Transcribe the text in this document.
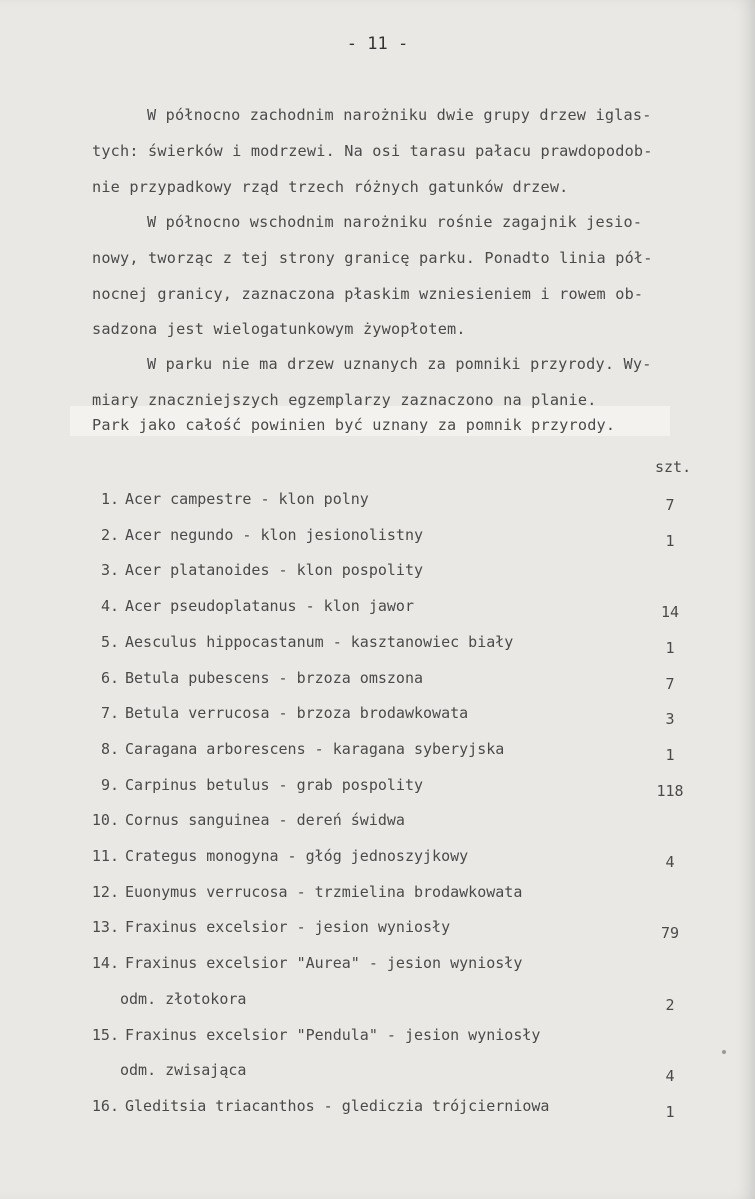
- 11 -
W północno zachodnim narożniku dwie grupy drzew iglas-
tych: świerków i modrzewi. Na osi tarasu pałacu prawdopodob-
nie przypadkowy rząd trzech różnych gatunków drzew.
W północno wschodnim narożniku rośnie zagajnik jesio-
nowy, tworząc z tej strony granicę parku. Ponadto linia pół-
nocnej granicy, zaznaczona płaskim wzniesieniem i rowem ob-
sadzona jest wielogatunkowym żywopłotem.
W parku nie ma drzew uznanych za pomniki przyrody. Wy-
miary znaczniejszych egzemplarzy zaznaczono na planie.
Park jako całość powinien być uznany za pomnik przyrody.
szt.
1. Acer campestre - klon polny	7
2. Acer negundo - klon jesionolistny	1
3. Acer platanoides - klon pospolity
4. Acer pseudoplatanus - klon jawor	14
5. Aesculus hippocastanum - kasztanowiec biały	1
6. Betula pubescens - brzoza omszona	7
7. Betula verrucosa - brzoza brodawkowata	3
8. Caragana arborescens - karagana syberyjska	1
9. Carpinus betulus - grab pospolity	118
10. Cornus sanguinea - dereń świdwa
11. Crategus monogyna - głóg jednoszyjkowy	4
12. Euonymus verrucosa - trzmielina brodawkowata
13. Fraxinus excelsior - jesion wyniosły	79
14. Fraxinus excelsior "Aurea" - jesion wyniosły
odm. złotokora	2
15. Fraxinus excelsior "Pendula" - jesion wyniosły
odm. zwisająca	4
16. Gleditsia triacanthos - glediczia trójcierniowa	1
